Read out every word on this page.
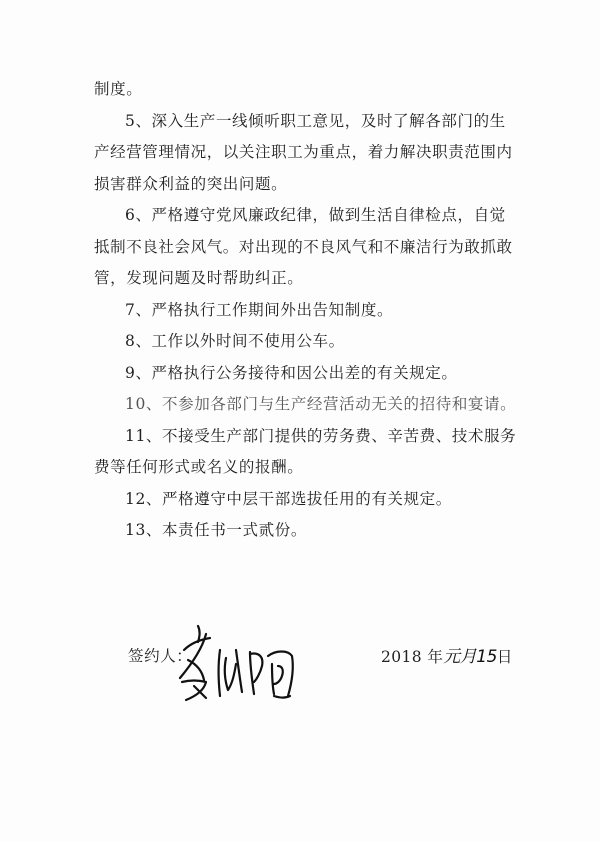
制度。
5、深入生产一线倾听职工意见，及时了解各部门的生
产经营管理情况，以关注职工为重点，着力解决职责范围内
损害群众利益的突出问题。
6、严格遵守党风廉政纪律，做到生活自律检点，自觉
抵制不良社会风气。对出现的不良风气和不廉洁行为敢抓敢
管，发现问题及时帮助纠正。
7、严格执行工作期间外出告知制度。
8、工作以外时间不使用公车。
9、严格执行公务接待和因公出差的有关规定。
10、不参加各部门与生产经营活动无关的招待和宴请。
11、不接受生产部门提供的劳务费、辛苦费、技术服务
费等任何形式或名义的报酬。
12、严格遵守中层干部选拔任用的有关规定。
13、本责任书一式贰份。
签约人：	2018 年元月15日
